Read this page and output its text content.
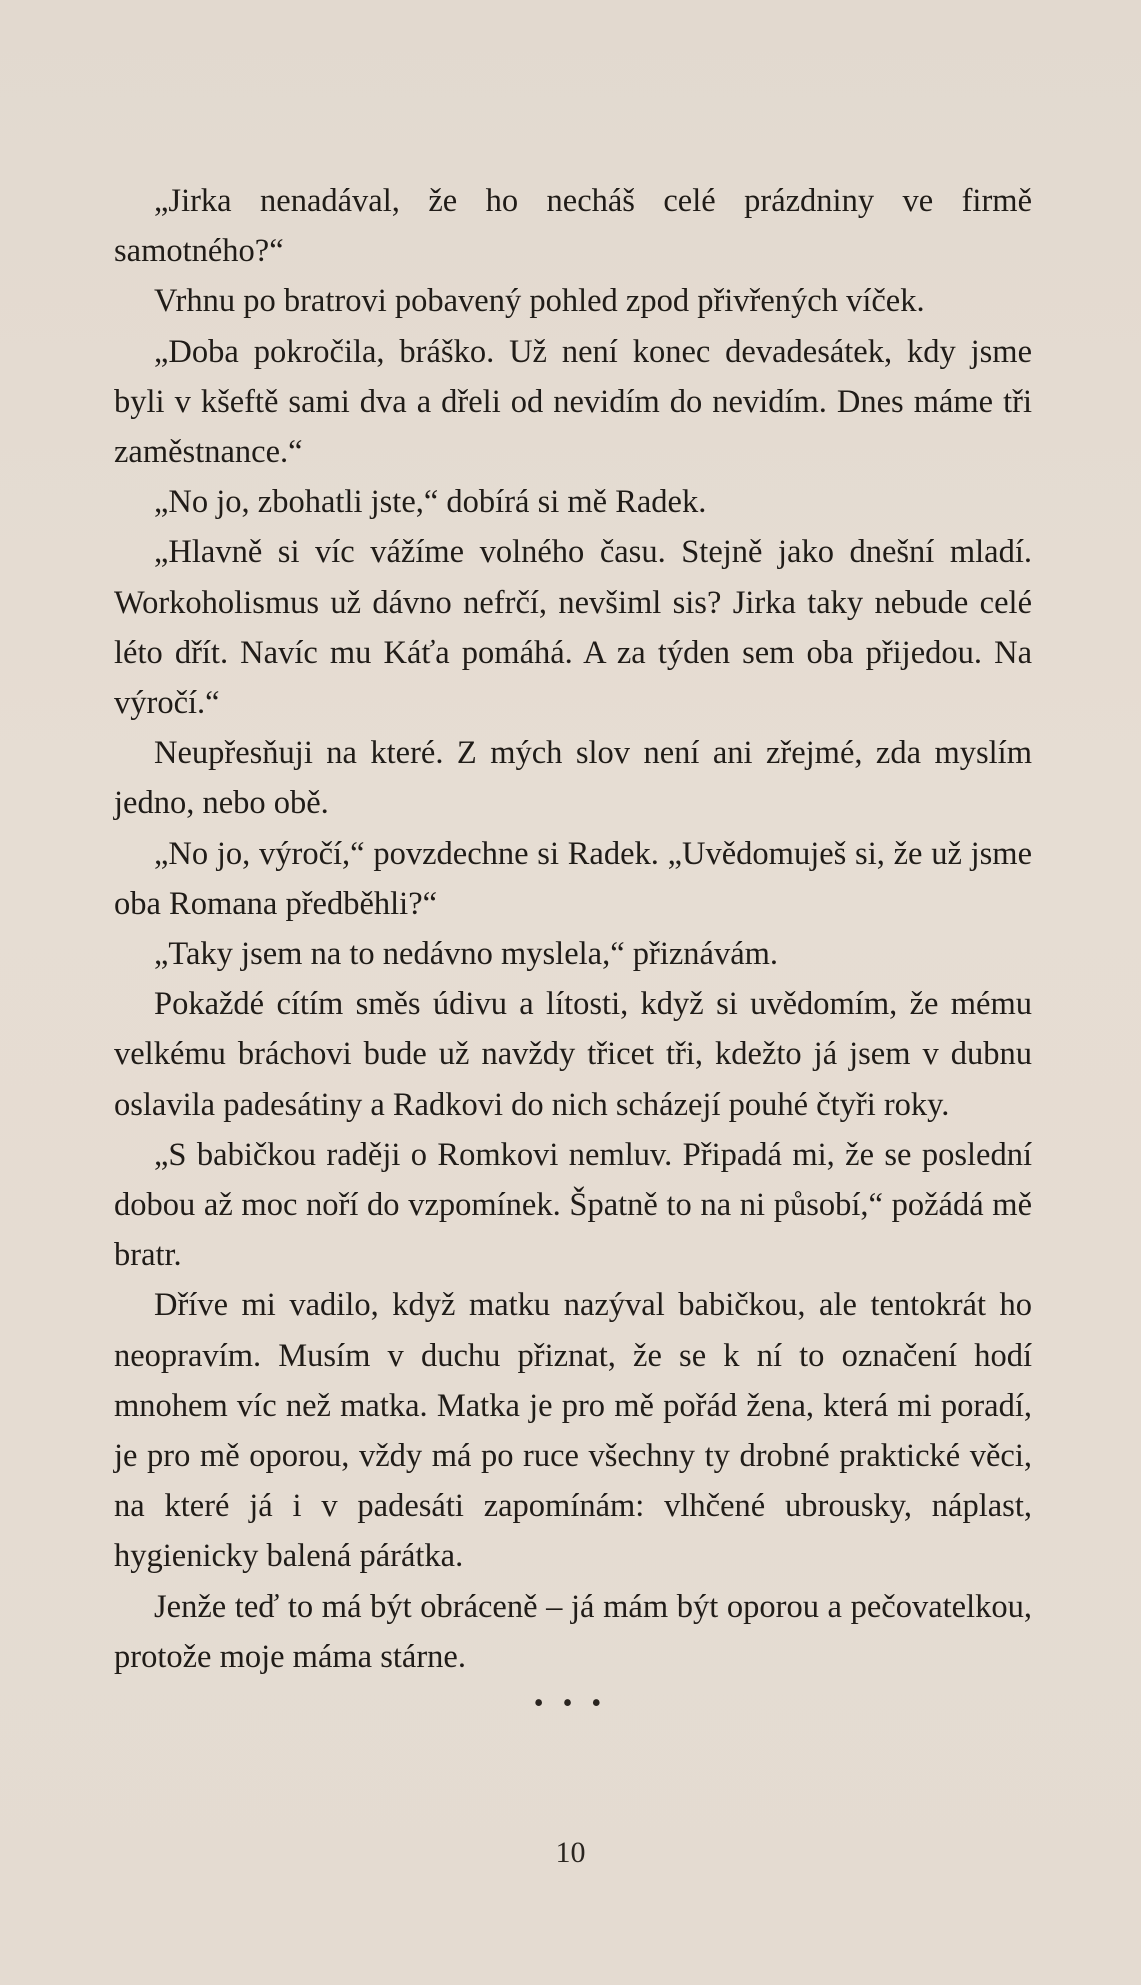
„Jirka nenadával, že ho necháš celé prázdniny ve firmě samotného?“

Vrhnu po bratrovi pobavený pohled zpod přivřených víček.

„Doba pokročila, bráško. Už není konec devadesátek, kdy jsme byli v kšeftě sami dva a dřeli od nevidím do nevidím. Dnes máme tři zaměstnance.“

„No jo, zbohatli jste,“ dobírá si mě Radek.

„Hlavně si víc vážíme volného času. Stejně jako dnešní mladí. Workoholismus už dávno nefrčí, nevšiml sis? Jirka taky nebude celé léto dřít. Navíc mu Káťa pomáhá. A za týden sem oba přijedou. Na výročí.“

Neupřesňuji na které. Z mých slov není ani zřejmé, zda myslím jedno, nebo obě.

„No jo, výročí,“ povzdechne si Radek. „Uvědomuješ si, že už jsme oba Romana předběhli?“

„Taky jsem na to nedávno myslela,“ přiznávám.

Pokaždé cítím směs údivu a lítosti, když si uvědomím, že mému velkému bráchovi bude už navždy třicet tři, kdežto já jsem v dubnu oslavila padesátiny a Radkovi do nich scházejí pouhé čtyři roky.

„S babičkou raději o Romkovi nemluv. Připadá mi, že se poslední dobou až moc noří do vzpomínek. Špatně to na ni působí,“ požádá mě bratr.

Dříve mi vadilo, když matku nazýval babičkou, ale tentokrát ho neopravím. Musím v duchu přiznat, že se k ní to označení hodí mnohem víc než matka. Matka je pro mě pořád žena, která mi poradí, je pro mě oporou, vždy má po ruce všechny ty drobné praktické věci, na které já i v padesáti zapomínám: vlhčené ubrousky, náplast, hygienicky balená párátka.

Jenže teď to má být obráceně – já mám být oporou a pečovatelkou, protože moje máma stárne.

• • •
10
